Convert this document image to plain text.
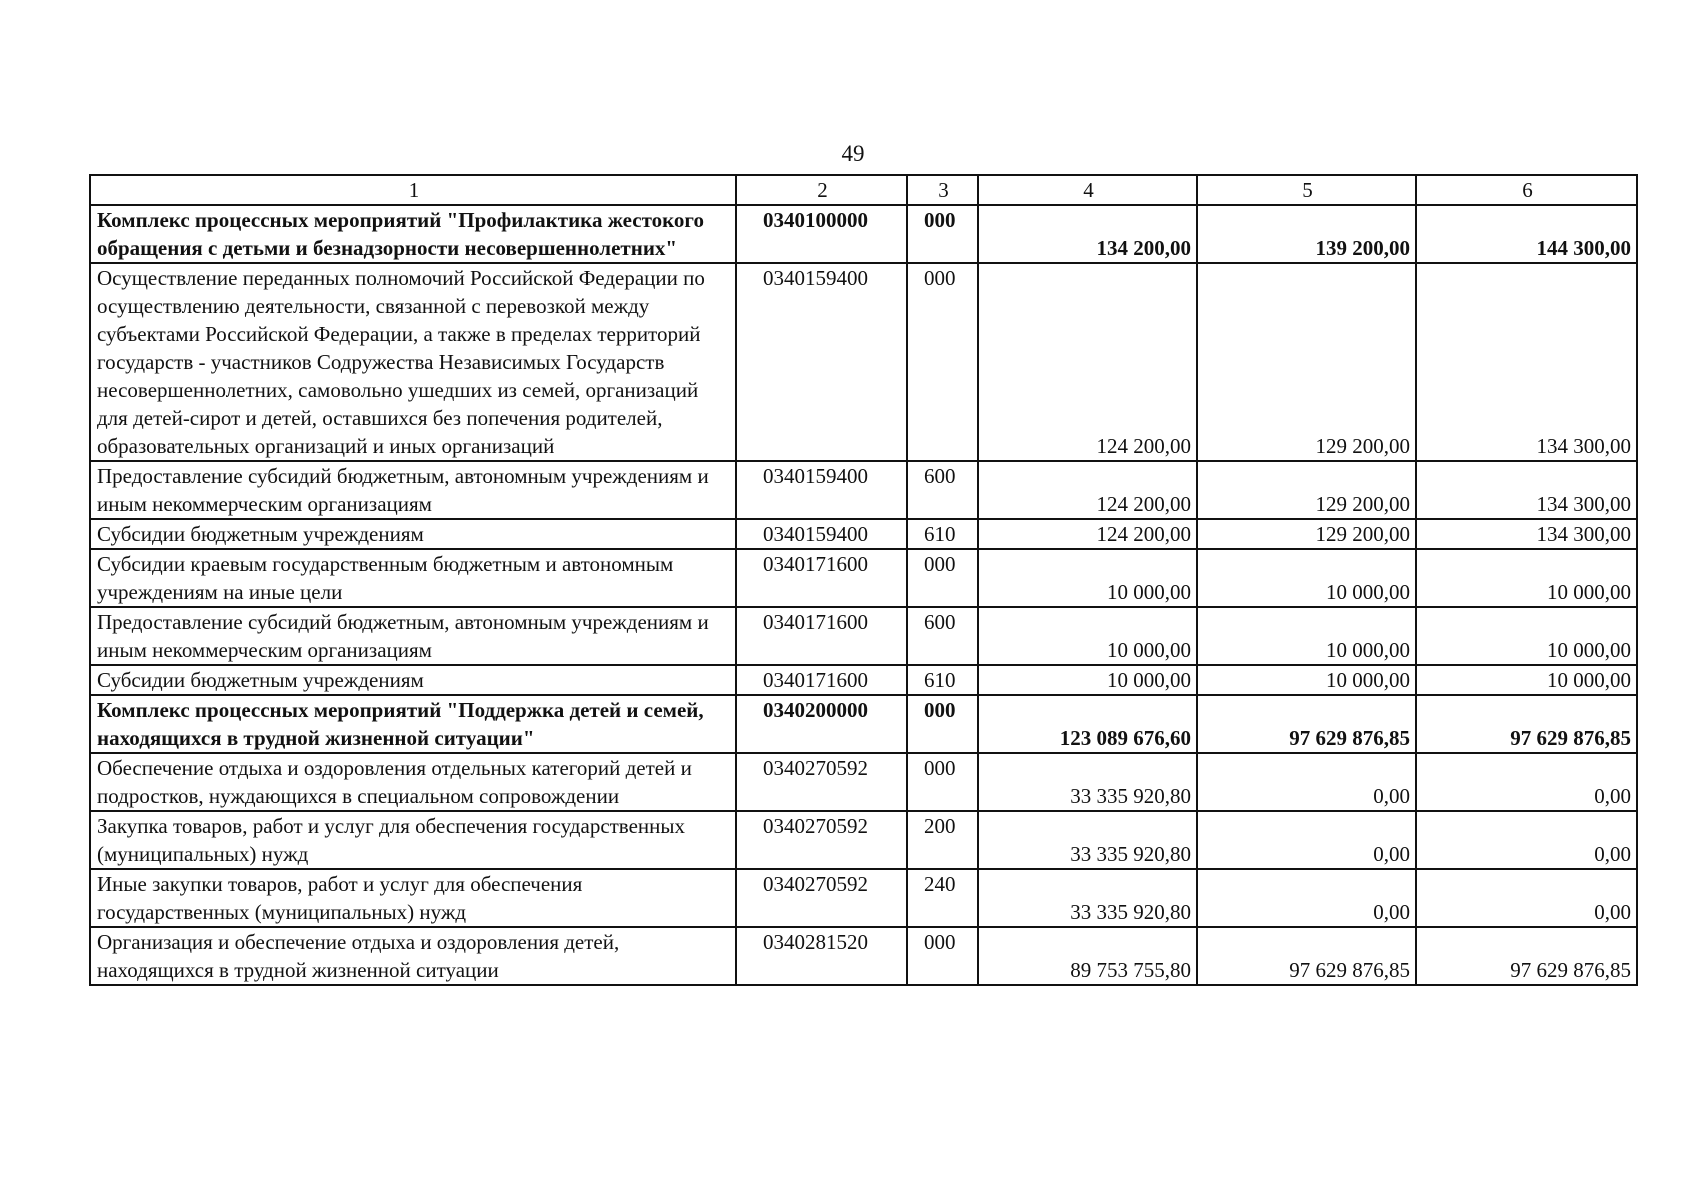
49
1	2	3	4	5	6
Комплекс процессных мероприятий "Профилактика жестокого обращения с детьми и безнадзорности несовершеннолетних"	0340100000	000	134 200,00	139 200,00	144 300,00
Осуществление переданных полномочий Российской Федерации по осуществлению деятельности, связанной с перевозкой между субъектами Российской Федерации, а также в пределах территорий государств - участников Содружества Независимых Государств несовершеннолетних, самовольно ушедших из семей, организаций для детей-сирот и детей, оставшихся без попечения родителей, образовательных организаций и иных организаций	0340159400	000	124 200,00	129 200,00	134 300,00
Предоставление субсидий бюджетным, автономным учреждениям и иным некоммерческим организациям	0340159400	600	124 200,00	129 200,00	134 300,00
Субсидии бюджетным учреждениям	0340159400	610	124 200,00	129 200,00	134 300,00
Субсидии краевым государственным бюджетным и автономным учреждениям на иные цели	0340171600	000	10 000,00	10 000,00	10 000,00
Предоставление субсидий бюджетным, автономным учреждениям и иным некоммерческим организациям	0340171600	600	10 000,00	10 000,00	10 000,00
Субсидии бюджетным учреждениям	0340171600	610	10 000,00	10 000,00	10 000,00
Комплекс процессных мероприятий "Поддержка детей и семей, находящихся в трудной жизненной ситуации"	0340200000	000	123 089 676,60	97 629 876,85	97 629 876,85
Обеспечение отдыха и оздоровления отдельных категорий детей и подростков, нуждающихся в специальном сопровождении	0340270592	000	33 335 920,80	0,00	0,00
Закупка товаров, работ и услуг для обеспечения государственных (муниципальных) нужд	0340270592	200	33 335 920,80	0,00	0,00
Иные закупки товаров, работ и услуг для обеспечения государственных (муниципальных) нужд	0340270592	240	33 335 920,80	0,00	0,00
Организация и обеспечение отдыха и оздоровления детей, находящихся в трудной жизненной ситуации	0340281520	000	89 753 755,80	97 629 876,85	97 629 876,85
